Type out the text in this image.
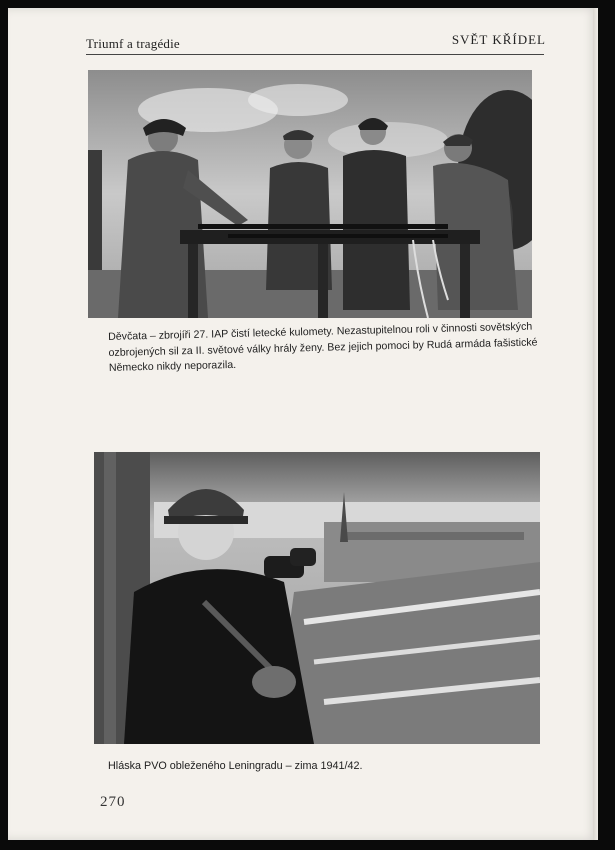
Triumf a tragédie	SVĚT KŘÍDEL
Děvčata – zbrojíři 27. IAP čistí letecké kulomety. Nezastupitelnou roli v činnosti sovětských ozbrojených sil za II. světové války hrály ženy. Bez jejich pomoci by Rudá armáda fašistické Německo nikdy neporazila.
Hláska PVO obleženého Leningradu – zima 1941/42.
270
